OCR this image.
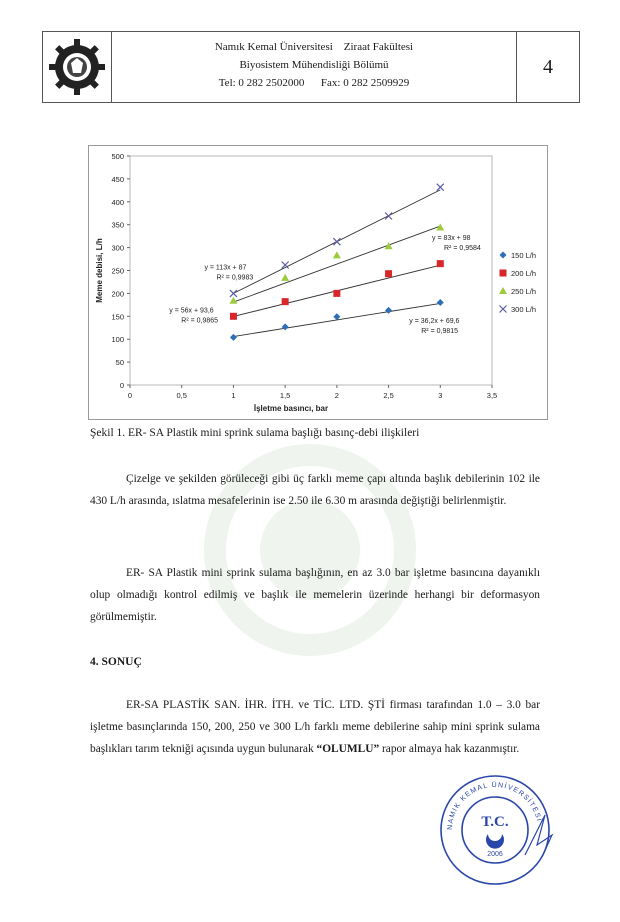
Namık Kemal Üniversitesi    Ziraat Fakültesi
Biyosistem Mühendisliği Bölümü
Tel: 0 282 2502000      Fax: 0 282 2509929
4
0
50
100
150
200
250
300
350
400
450
500
0	0,5	1	1,5	2	2,5	3	3,5
İşletme basıncı, bar
Meme debisi, L/h
y = 36,2x + 69,6
R² = 0,9815
y = 56x + 93,6
R² = 0,9865
y = 83x + 98
R² = 0,9584
y = 113x + 87
R² = 0,9983
150 L/h
200 L/h
250 L/h
300 L/h
Şekil 1. ER- SA Plastik mini sprink sulama başlığı basınç-debi ilişkileri
Çizelge ve şekilden görüleceği gibi üç farklı meme çapı altında başlık debilerinin 102 ile 430 L/h arasında, ıslatma mesafelerinin ise 2.50 ile 6.30 m arasında değiştiği belirlenmiştir.
ER- SA Plastik mini sprink sulama başlığının, en az 3.0 bar işletme basıncına dayanıklı olup olmadığı kontrol edilmiş ve başlık ile memelerin üzerinde herhangi bir deformasyon görülmemiştir.
4. SONUÇ
ER-SA PLASTİK SAN. İHR. İTH. ve TİC. LTD. ŞTİ firması tarafından 1.0 – 3.0 bar işletme basınçlarında 150, 200, 250 ve 300 L/h farklı meme debilerine sahip mini sprink sulama başlıkları tarım tekniği açısında uygun bulunarak “OLUMLU” rapor almaya hak kazanmıştır.
NAMIK KEMAL ÜNİVERSİTESİ
T.C.
2006
